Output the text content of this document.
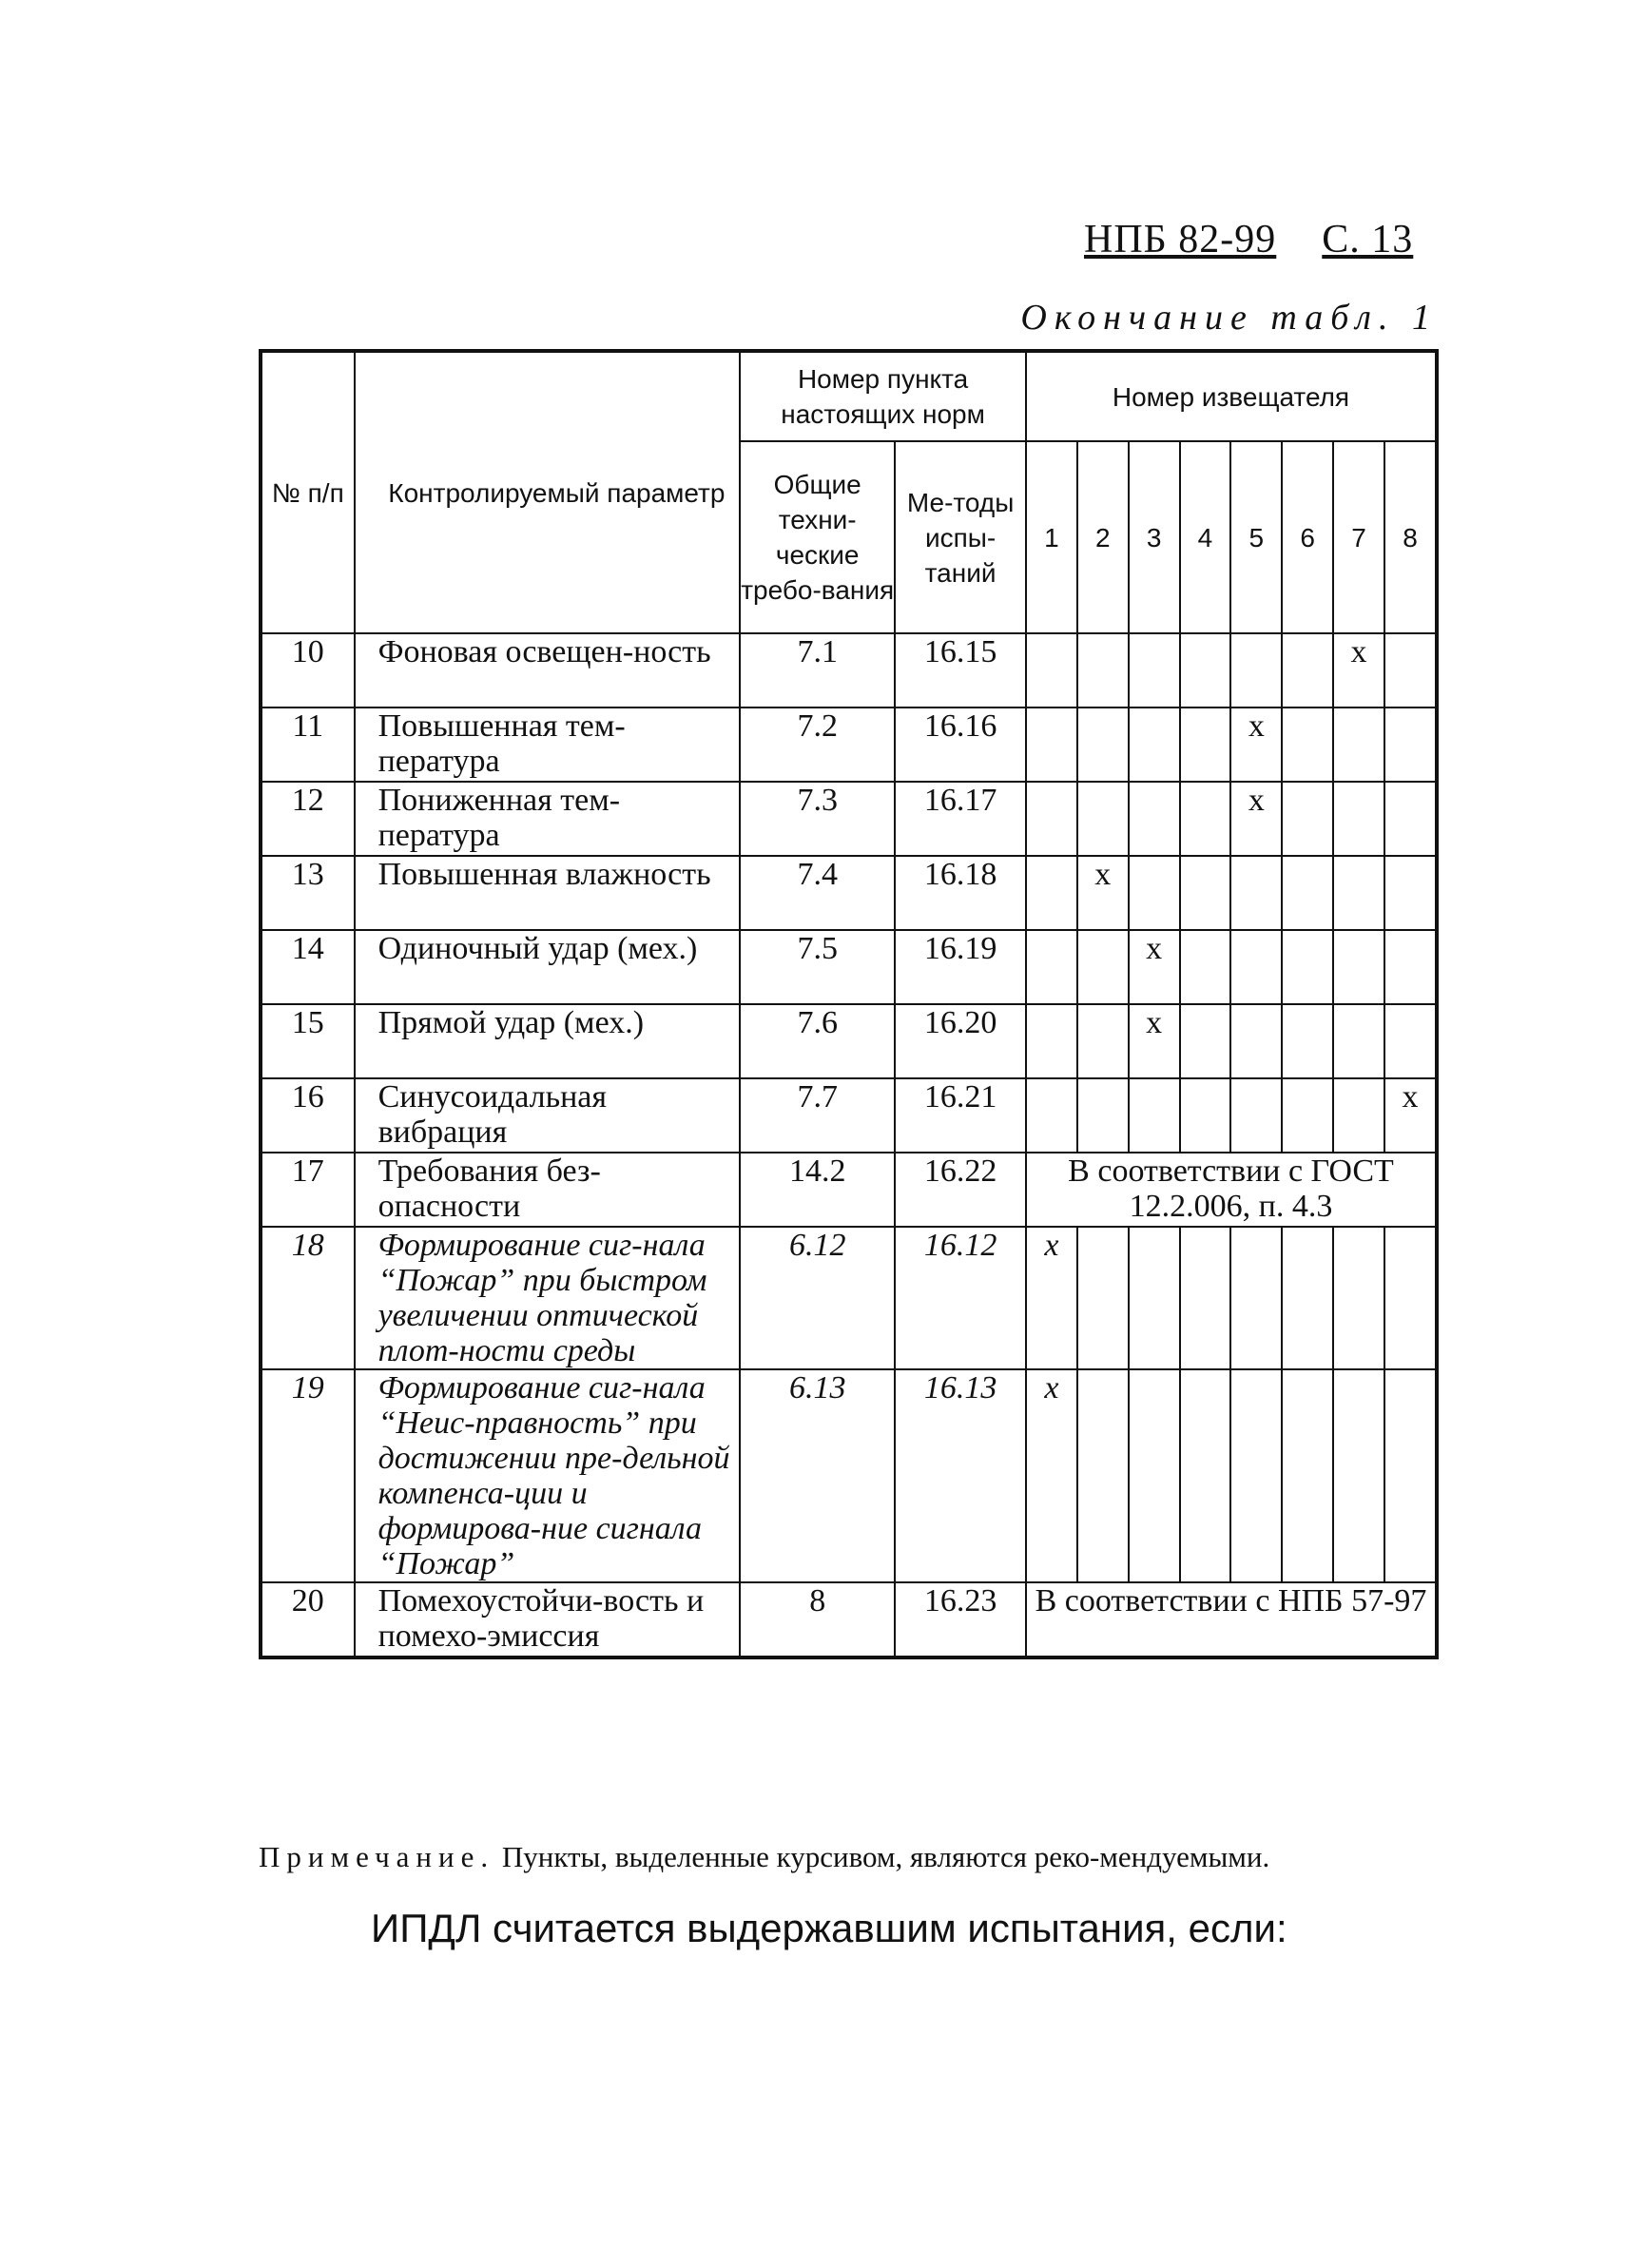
НПБ 82-99 С. 13
Окончание табл. 1
№ п/п	Контролируемый параметр	Номер пункта настоящих норм		Номер извещателя							
		Общие техни-ческие требо-вания	Ме-тоды испы-таний	1	2	3	4	5	6	7	8
10	Фоновая освещен-ность	7.1	16.15							х	
11	Повышенная тем-пература	7.2	16.16					х			
12	Пониженная тем-пература	7.3	16.17					х			
13	Повышенная влажность	7.4	16.18		х						
14	Одиночный удар (мех.)	7.5	16.19			х					
15	Прямой удар (мех.)	7.6	16.20			х					
16	Синусоидальная вибрация	7.7	16.21								х
17	Требования без-опасности	14.2	16.22	В соответствии с ГОСТ 12.2.006, п. 4.3							
18	Формирование сиг-нала “Пожар” при быстром увеличении оптической плот-ности среды	6.12	16.12	х							
19	Формирование сиг-нала “Неис-правность” при достижении пре-дельной компенса-ции и формирова-ние сигнала “Пожар”	6.13	16.13	х							
20	Помехоустойчи-вость и помехо-эмиссия	8	16.23	В соответствии с НПБ 57-97							
Примечание. Пункты, выделенные курсивом, являются реко-мендуемыми.
ИПДЛ считается выдержавшим испытания, если:
